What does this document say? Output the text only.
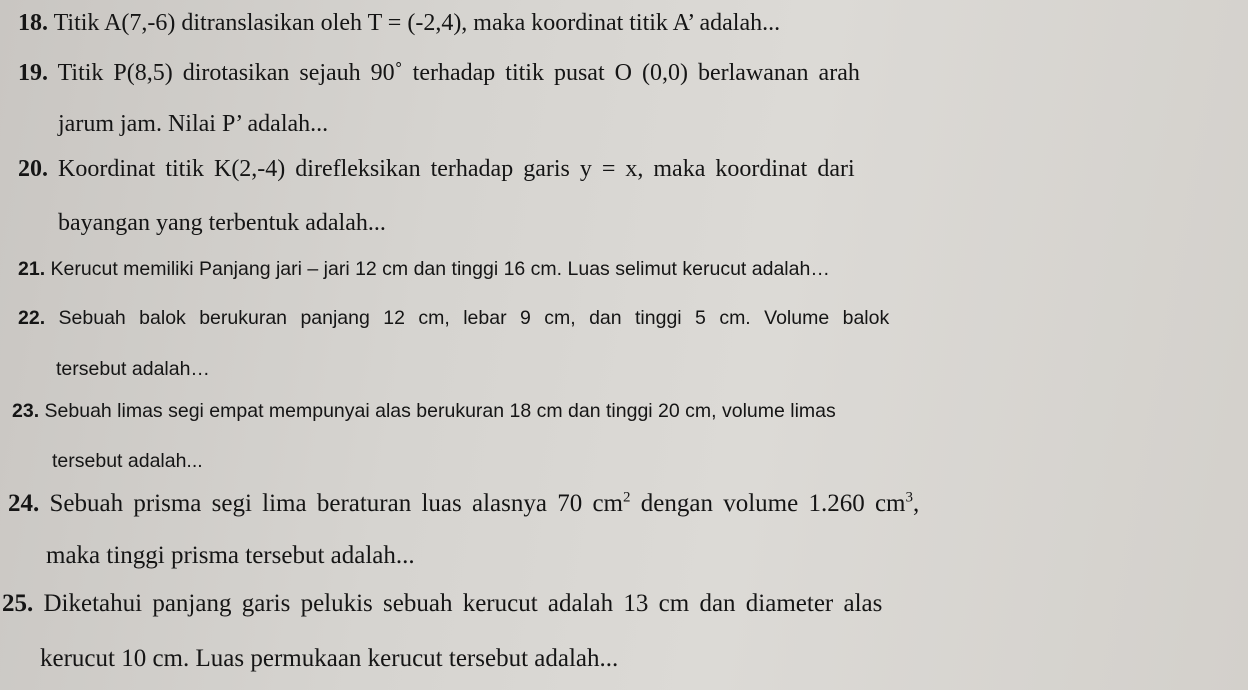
18. Titik A(7,-6) ditranslasikan oleh T = (-2,4), maka koordinat titik A’ adalah...
19. Titik P(8,5) dirotasikan sejauh 90˚ terhadap titik pusat O (0,0) berlawanan arah
jarum jam. Nilai P’ adalah...
20. Koordinat titik K(2,-4) direfleksikan terhadap garis y = x, maka koordinat dari
bayangan yang terbentuk adalah...
21. Kerucut memiliki Panjang jari – jari 12 cm dan tinggi 16 cm. Luas selimut kerucut adalah…
22. Sebuah balok berukuran panjang 12 cm, lebar 9 cm, dan tinggi 5 cm. Volume balok
tersebut adalah…
23. Sebuah limas segi empat mempunyai alas berukuran 18 cm dan tinggi 20 cm, volume limas
tersebut adalah...
24. Sebuah prisma segi lima beraturan luas alasnya 70 $cm^2$ dengan volume 1.260 $cm^3$,
maka tinggi prisma tersebut adalah...
25. Diketahui panjang garis pelukis sebuah kerucut adalah 13 cm dan diameter alas
kerucut 10 cm. Luas permukaan kerucut tersebut adalah...
